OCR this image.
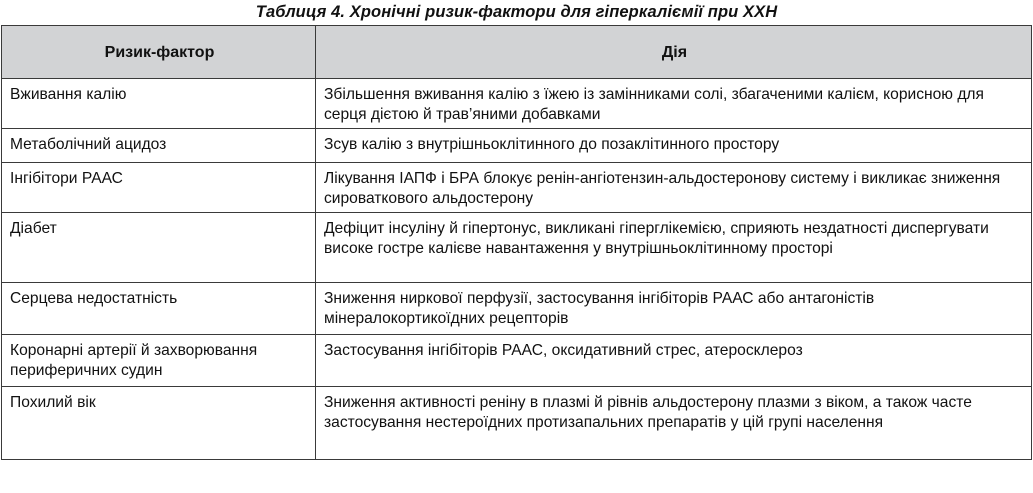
Таблиця 4. Хронічні ризик-фактори для гіперкаліємії при ХХН
Ризик-фактор	Дія
Вживання калію	Збільшення вживання калію з їжею із замінниками солі, збагаченими калієм, корисною для серця дієтою й трав’яними добавками
Метаболічний ацидоз	Зсув калію з внутрішньоклітинного до позаклітинного простору
Інгібітори РААС	Лікування ІАПФ і БРА блокує ренін-ангіотензин-альдостеронову систему і викликає зниження сироваткового альдостерону
Діабет	Дефіцит інсуліну й гіпертонус, викликані гіперглікемією, сприяють нездатності диспергувати високе гостре калієве навантаження у внутрішньоклітинному просторі
Серцева недостатність	Зниження ниркової перфузії, застосування інгібіторів РААС або антагоністів мінералокортикоїдних рецепторів
Коронарні артерії й захворювання периферичних судин	Застосування інгібіторів РААС, оксидативний стрес, атеросклероз
Похилий вік	Зниження активності реніну в плазмі й рівнів альдостерону плазми з віком, а також часте застосування нестероїдних протизапальних препаратів у цій групі населення
